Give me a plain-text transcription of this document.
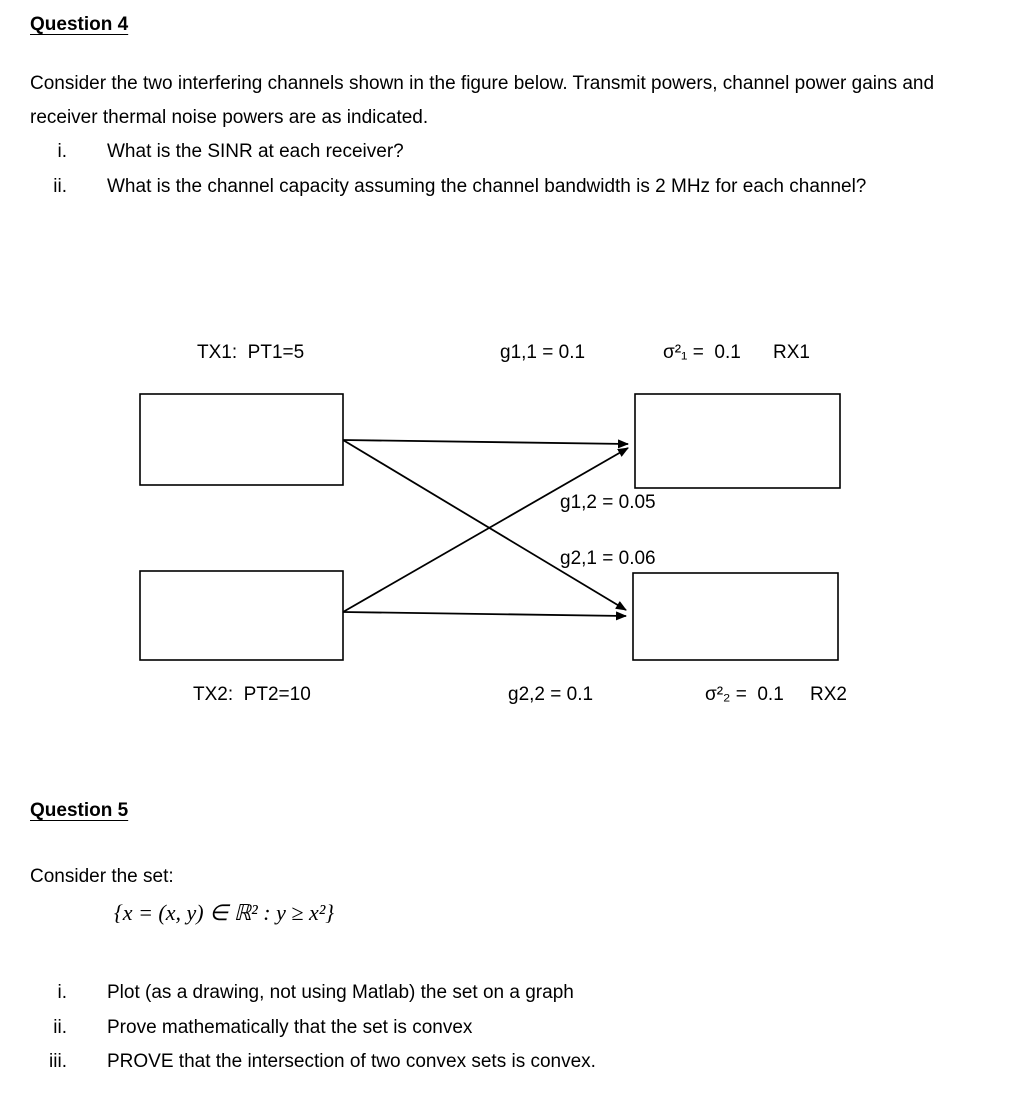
Question 4

Consider the two interfering channels shown in the figure below. Transmit powers, channel power gains and receiver thermal noise powers are as indicated.

i. What is the SINR at each receiver?
ii. What is the channel capacity assuming the channel bandwidth is 2 MHz for each channel?
TX1:  PT1=5	g1,1 = 0.1	σ²₁ =  0.1 RX1
g1,2 = 0.05
g2,1 = 0.06
TX2:  PT2=10	g2,2 = 0.1	σ²₂ =  0.1 RX2
Question 5

Consider the set:

{x = (x, y) ∈ ℝ² : y ≥ x²}
i. Plot (as a drawing, not using Matlab) the set on a graph
ii. Prove mathematically that the set is convex
iii. PROVE that the intersection of two convex sets is convex.
